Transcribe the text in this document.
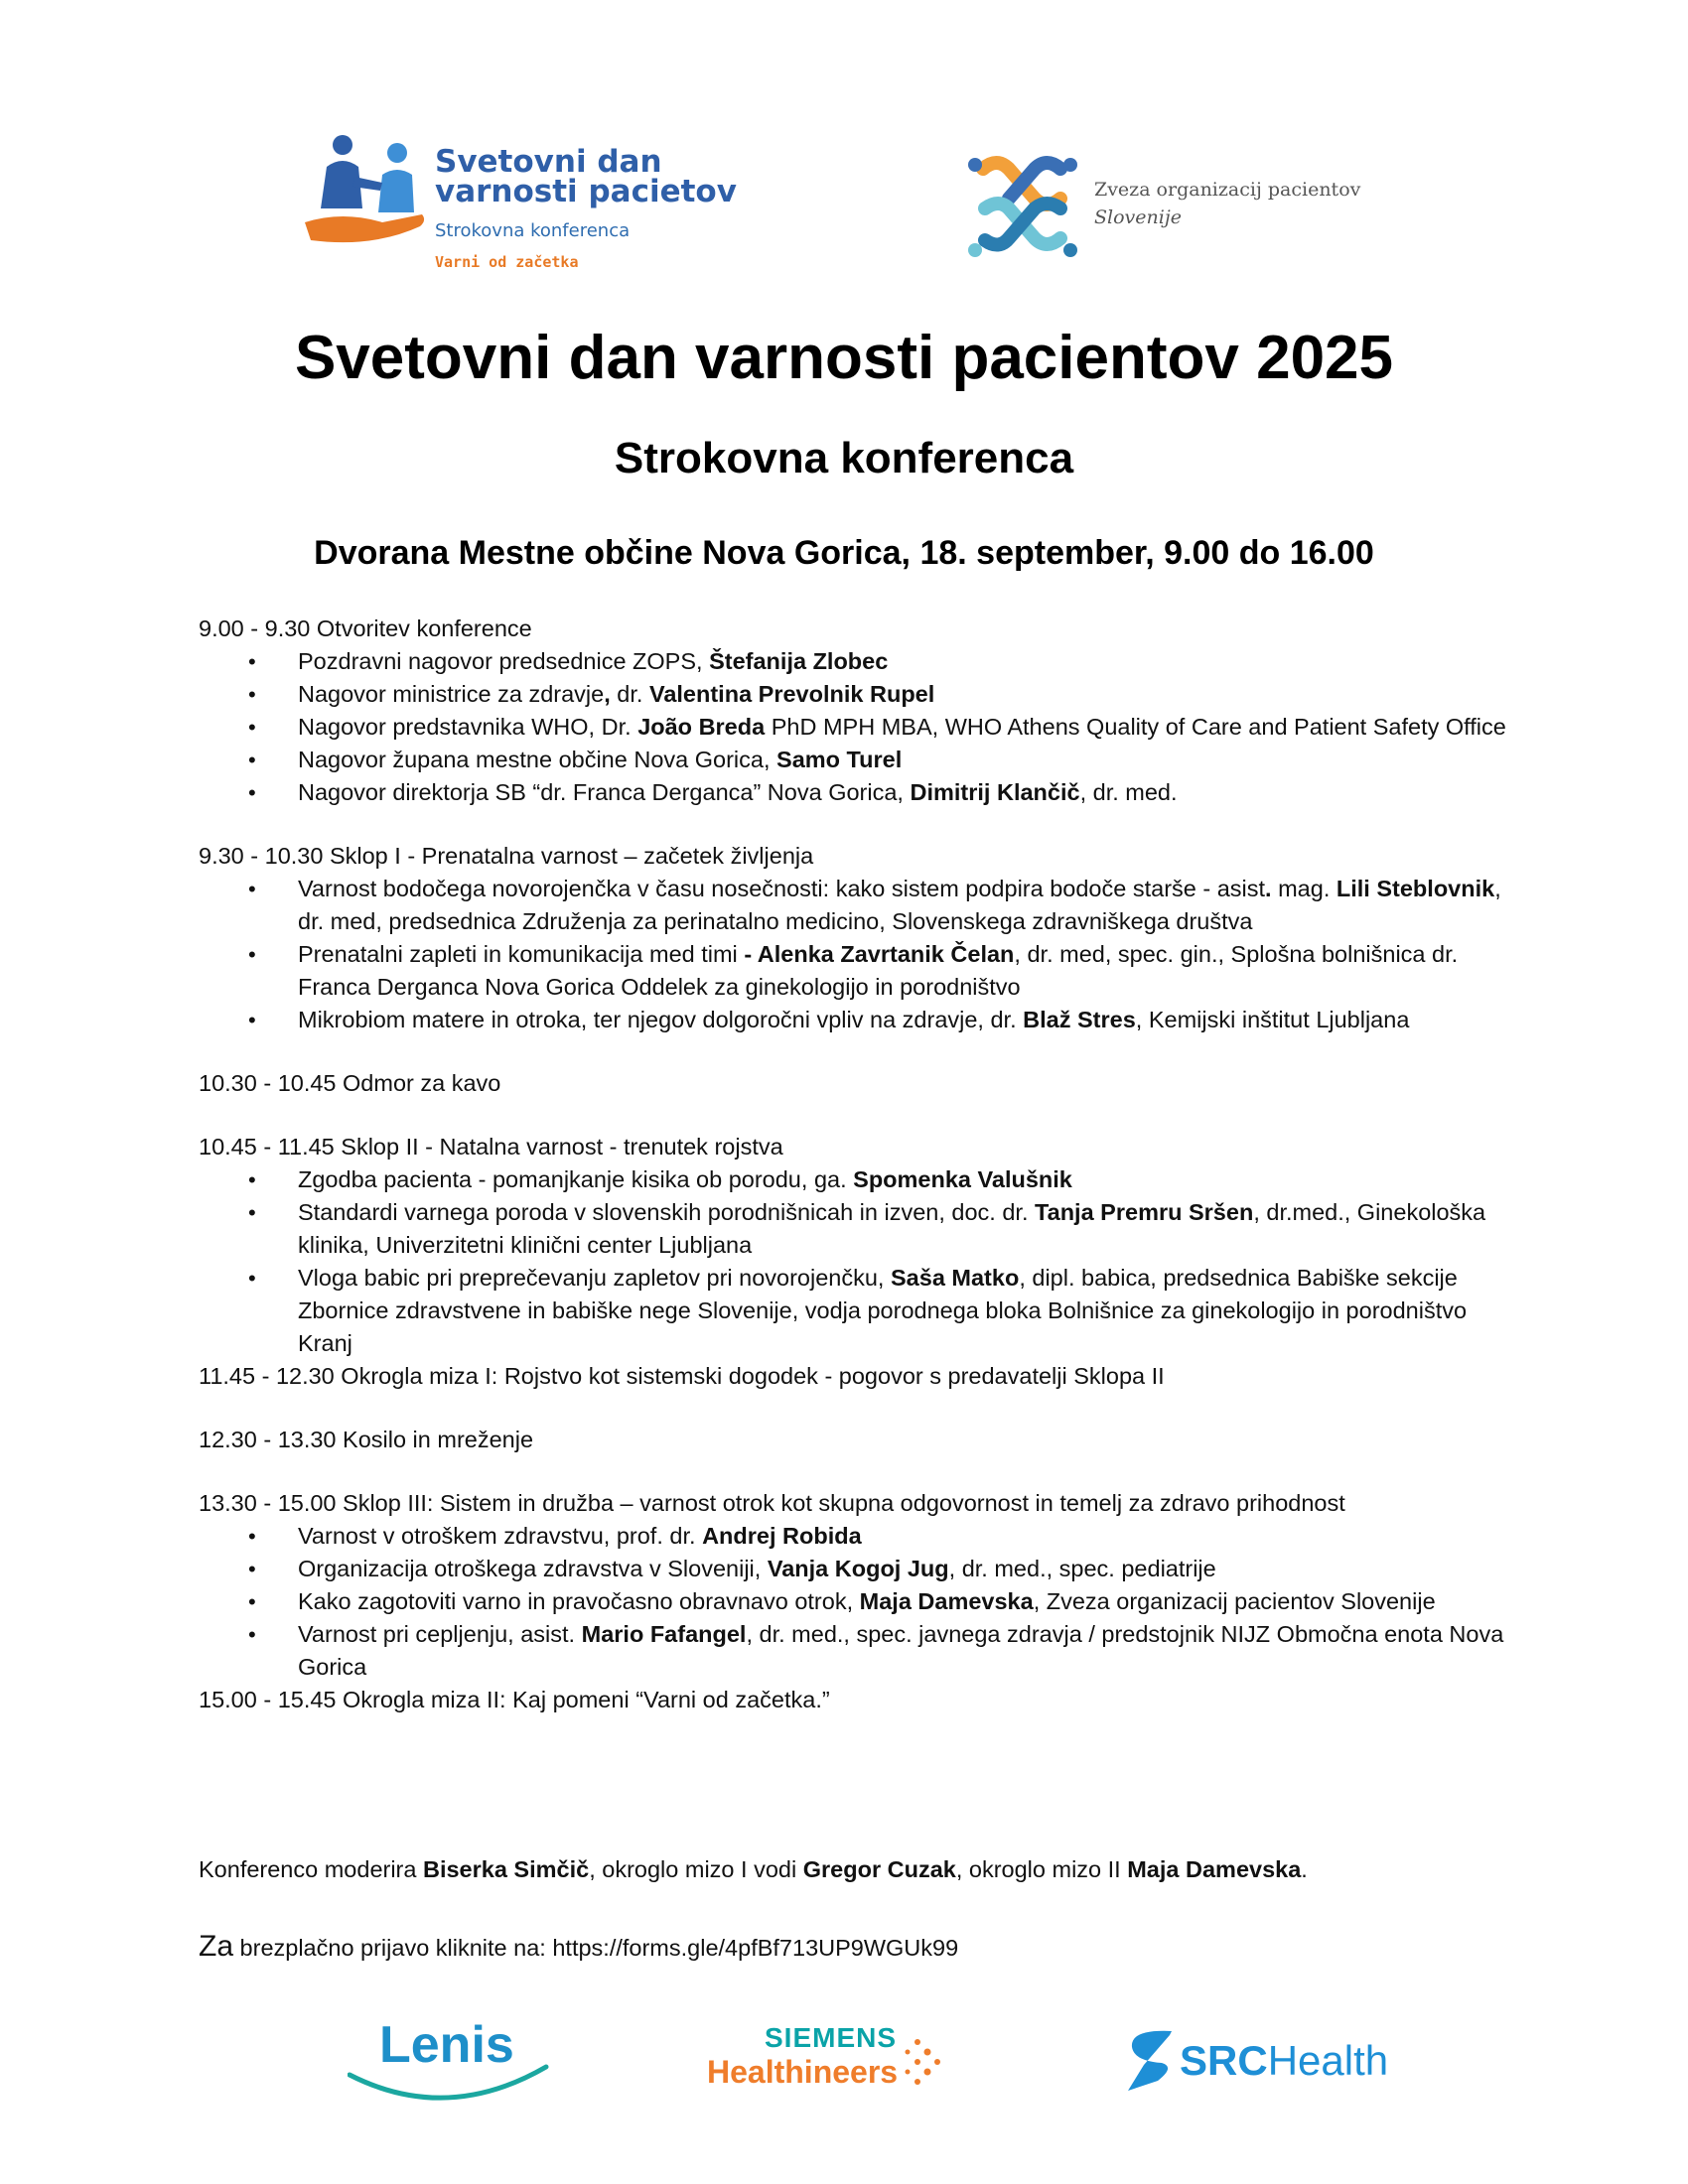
Svetovni dan
varnosti pacietov
Strokovna konferenca
Varni od začetka
Zveza organizacij pacientov
Slovenije
Svetovni dan varnosti pacientov 2025
Strokovna konferenca
Dvorana Mestne občine Nova Gorica, 18. september, 9.00 do 16.00
9.00 - 9.30 Otvoritev konference
• Pozdravni nagovor predsednice ZOPS, Štefanija Zlobec
• Nagovor ministrice za zdravje, dr. Valentina Prevolnik Rupel
• Nagovor predstavnika WHO, Dr. João Breda PhD MPH MBA, WHO Athens Quality of Care and Patient Safety Office
• Nagovor župana mestne občine Nova Gorica, Samo Turel
• Nagovor direktorja SB “dr. Franca Derganca” Nova Gorica, Dimitrij Klančič, dr. med.
9.30 - 10.30 Sklop I - Prenatalna varnost – začetek življenja
• Varnost bodočega novorojenčka v času nosečnosti: kako sistem podpira bodoče starše - asist. mag. Lili Steblovnik, dr. med, predsednica Združenja za perinatalno medicino, Slovenskega zdravniškega društva
• Prenatalni zapleti in komunikacija med timi - Alenka Zavrtanik Čelan, dr. med, spec. gin., Splošna bolnišnica dr. Franca Derganca Nova Gorica Oddelek za ginekologijo in porodništvo
• Mikrobiom matere in otroka, ter njegov dolgoročni vpliv na zdravje, dr. Blaž Stres, Kemijski inštitut Ljubljana
10.30 - 10.45 Odmor za kavo
10.45 - 11.45 Sklop II - Natalna varnost - trenutek rojstva
• Zgodba pacienta - pomanjkanje kisika ob porodu, ga. Spomenka Valušnik
• Standardi varnega poroda v slovenskih porodnišnicah in izven, doc. dr. Tanja Premru Sršen, dr.med., Ginekološka klinika, Univerzitetni klinični center Ljubljana
• Vloga babic pri preprečevanju zapletov pri novorojenčku, Saša Matko, dipl. babica, predsednica Babiške sekcije Zbornice zdravstvene in babiške nege Slovenije, vodja porodnega bloka Bolnišnice za ginekologijo in porodništvo Kranj
11.45 - 12.30 Okrogla miza I: Rojstvo kot sistemski dogodek - pogovor s predavatelji Sklopa II
12.30 - 13.30 Kosilo in mreženje
13.30 - 15.00 Sklop III: Sistem in družba – varnost otrok kot skupna odgovornost in temelj za zdravo prihodnost
• Varnost v otroškem zdravstvu, prof. dr. Andrej Robida
• Organizacija otroškega zdravstva v Sloveniji, Vanja Kogoj Jug, dr. med., spec. pediatrije
• Kako zagotoviti varno in pravočasno obravnavo otrok, Maja Damevska, Zveza organizacij pacientov Slovenije
• Varnost pri cepljenju, asist. Mario Fafangel, dr. med., spec. javnega zdravja / predstojnik NIJZ Območna enota Nova Gorica
15.00 - 15.45 Okrogla miza II: Kaj pomeni “Varni od začetka.”
Konferenco moderira Biserka Simčič, okroglo mizo I vodi Gregor Cuzak, okroglo mizo II Maja Damevska.
Za brezplačno prijavo kliknite na: https://forms.gle/4pfBf713UP9WGUk99
Lenis	SIEMENS
Healthineers	SRCHealth
